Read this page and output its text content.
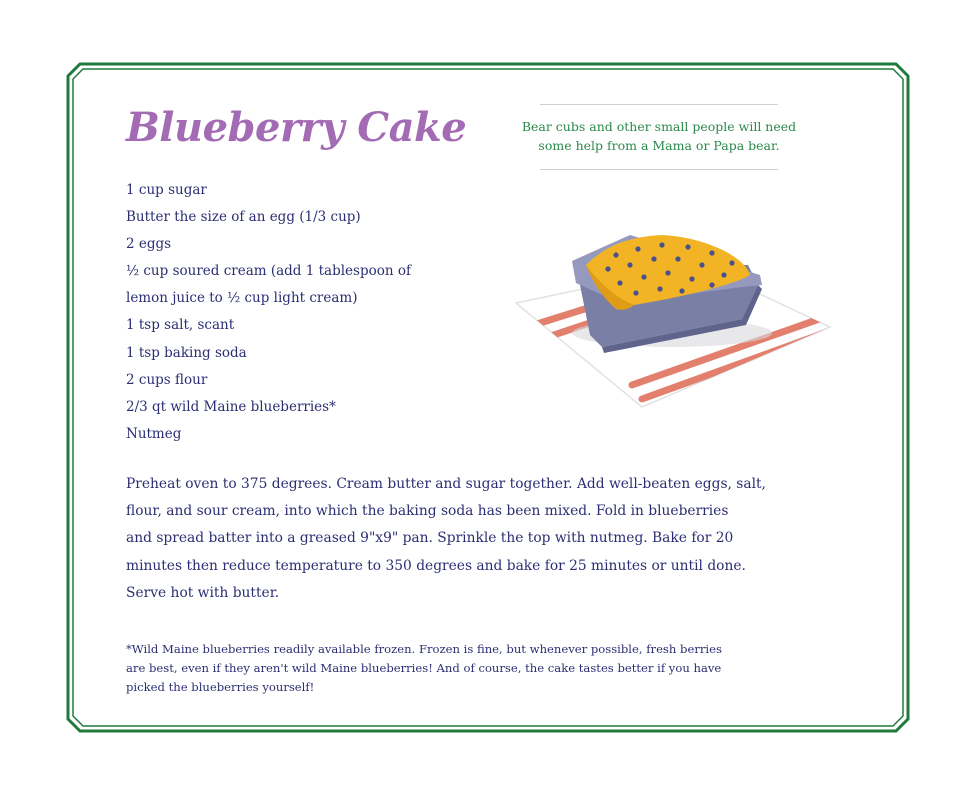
Blueberry Cake	Bear cubs and other small people will need
some help from a Mama or Papa bear.
1 cup sugar
Butter the size of an egg (1/3 cup)
2 eggs
½ cup soured cream (add 1 tablespoon of
lemon juice to ½ cup light cream)
1 tsp salt, scant
1 tsp baking soda
2 cups flour
2/3 qt wild Maine blueberries*
Nutmeg

Preheat oven to 375 degrees. Cream butter and sugar together. Add well-beaten eggs, salt,
flour, and sour cream, into which the baking soda has been mixed. Fold in blueberries
and spread batter into a greased 9"x9" pan. Sprinkle the top with nutmeg. Bake for 20
minutes then reduce temperature to 350 degrees and bake for 25 minutes or until done.
Serve hot with butter.

*Wild Maine blueberries readily available frozen. Frozen is fine, but whenever possible, fresh berries
are best, even if they aren't wild Maine blueberries! And of course, the cake tastes better if you have
picked the blueberries yourself!
